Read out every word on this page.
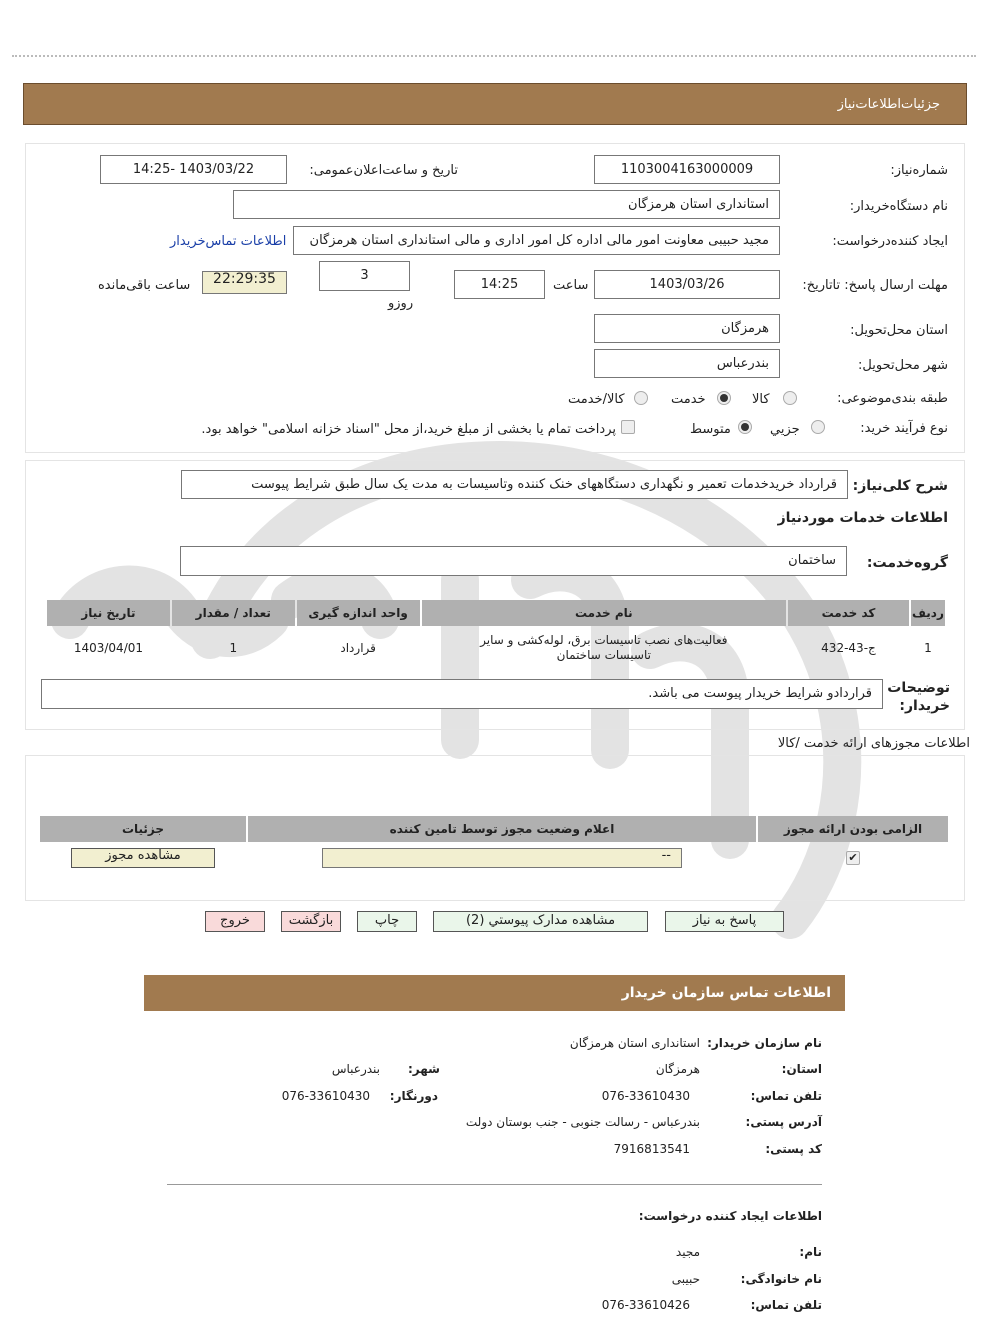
جزئیات‌اطلاعات‌نیاز
شماره‌نیاز:
1103004163000009
تاریخ و ساعت‌اعلان‌عمومی:
1403/03/22 -14:25
نام دستگاه‌خریدار:
استانداری استان هرمزگان
ایجاد کننده‌درخواست:
مجید حبیبی معاونت امور مالی اداره کل امور اداری و مالی استانداری استان هرمزگان
اطلاعات تماس‌خریدار
مهلت ارسال پاسخ: تاتاریخ:
1403/03/26
ساعت
14:25
3
روزو
22:29:35
ساعت باقی‌مانده
استان محل‌تحویل:
هرمزگان
شهر محل‌تحویل:
بندرعباس
طبقه بندی‌موضوعی:
کالا
خدمت
کالا/خدمت
نوع فرآیند خرید:
جزیي
متوسط
پرداخت تمام یا بخشی از مبلغ خرید،از محل "اسناد خزانه اسلامی" خواهد بود.
شرح کلی‌نیاز:
قرارداد خریدخدمات تعمیر و نگهداری دستگاههای خنک کننده وتاسیسات به مدت یک سال طبق شرایط پیوست
اطلاعات خدمات مورد‌نیاز
گروه‌خدمت:
ساختمان
ردیف	کد خدمت	نام خدمت	واحد اندازه گیری	تعداد / مقدار	تاریخ نیاز
1	ج-43-432	فعالیت‌های نصب تاسیسات برق، لوله‌کشی و سایر تاسیسات ساختمان	قرارداد	1	1403/04/01
توضیحات خریدار:
قراردادو شرایط خریدار پیوست می باشد.
اطلاعات مجوزهای ارائه خدمت /کالا
الزامی بودن ارائه مجوز	اعلام وضعیت مجوز توسط تامین کننده	جزئیات
✔	--	مشاهده مجوز
پاسخ به نیاز
مشاهده مدارک پیوستي (2)
چاپ
بازگشت
خروج
اطلاعات تماس سازمان خریدار
نام سازمان خریدار:
استانداری استان هرمزگان
استان:
هرمزگان
شهر:
بندرعباس
تلفن تماس:
076-33610430
دورنگار:
076-33610430
آدرس پستی:
بندرعباس - رسالت جنوبی - جنب بوستان دولت
کد پستی:
7916813541
اطلاعات ایجاد کننده درخواست:
نام:
مجید
نام خانوادگی:
حبیبی
تلفن تماس:
076-33610426
